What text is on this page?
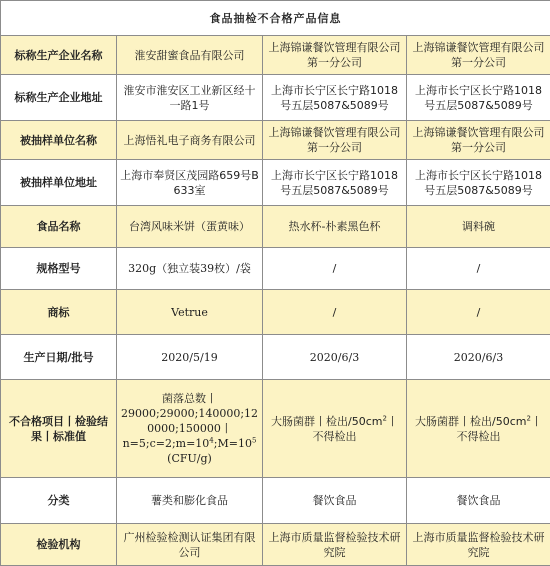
食品抽检不合格产品信息			
标称生产企业名称	淮安甜蜜食品有限公司	上海锦谦餐饮管理有限公司第一分公司	上海锦谦餐饮管理有限公司第一分公司
标称生产企业地址	淮安市淮安区工业新区经十一路1号	上海市长宁区长宁路1018号五层5087&5089号	上海市长宁区长宁路1018号五层5087&5089号
被抽样单位名称	上海悟礼电子商务有限公司	上海锦谦餐饮管理有限公司第一分公司	上海锦谦餐饮管理有限公司第一分公司
被抽样单位地址	上海市奉贤区茂园路659号B633室	上海市长宁区长宁路1018号五层5087&5089号	上海市长宁区长宁路1018号五层5087&5089号
食品名称	台湾风味米饼（蛋黄味）	热水杯-朴素黑色杯	调料碗
规格型号	320g（独立装39枚）/袋	/	/
商标	Vetrue	/	/
生产日期/批号	2020/5/19	2020/6/3	2020/6/3
不合格项目丨检验结果丨标准值	菌落总数丨
29000;29000;140000;120000;150000丨
$n=5;c=2;m=10^4;M=10^5$
(CFU/g)	大肠菌群丨检出$/50cm^2$丨不得检出	大肠菌群丨检出$/50cm^2$丨不得检出
分类	薯类和膨化食品	餐饮食品	餐饮食品
检验机构	广州检验检测认证集团有限公司	上海市质量监督检验技术研究院	上海市质量监督检验技术研究院
